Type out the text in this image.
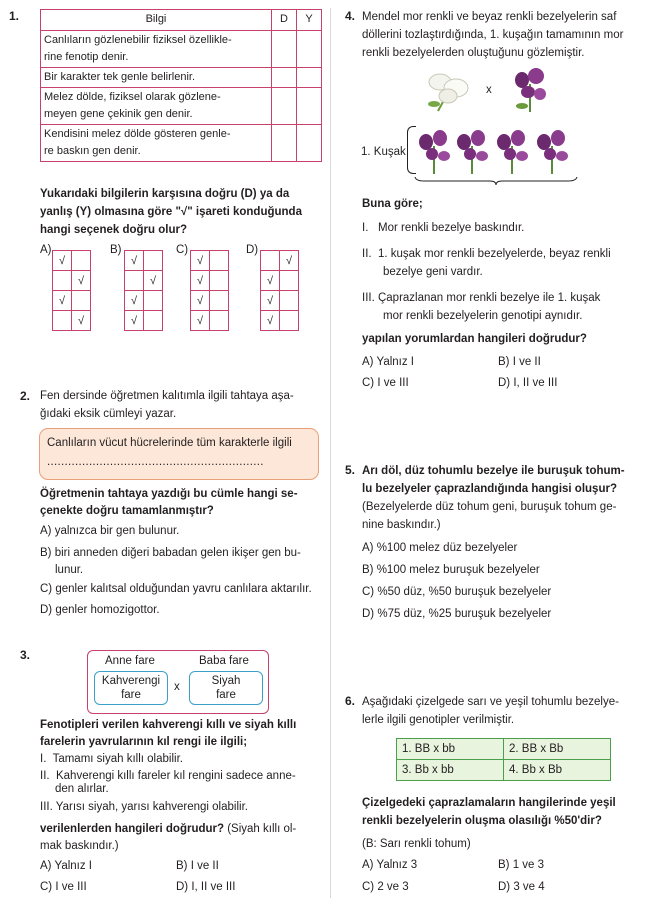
1.	Bilgi	D	Y
Canlıların gözlenebilir fiziksel özellikle-
rine fenotip denir.		
Bir karakter tek genle belirlenir.		
Melez dölde, fiziksel olarak gözlene-
meyen gene çekinik gen denir.		
Kendisini melez dölde gösteren genle-
re baskın gen denir.		
Yukarıdaki bilgilerin karşısına doğru (D) ya da
yanlış (Y) olmasına göre "√" işareti konduğunda
hangi seçenek doğru olur?
A)
√	
	√
√	
	√
B)
√	
	√
√	
√	
C)
√	
√	
√	
√	
D)
	√
√	
√	
√	
2. Fen dersinde öğretmen kalıtımla ilgili tahtaya aşa-
ğıdaki eksik cümleyi yazar.
Canlıların vücut hücrelerinde tüm karakterle ilgili
..............................................................
Öğretmenin tahtaya yazdığı bu cümle hangi se-
çenekte doğru tamamlanmıştır?
A) yalnızca bir gen bulunur.
B) biri anneden diğeri babadan gelen ikişer gen bu-
lunur.
C) genler kalıtsal olduğundan yavru canlılara aktarılır.
D) genler homozigottor.
3.	Anne fare	Baba fare
Kahverengi
fare
x	Siyah
fare
Fenotipleri verilen kahverengi kıllı ve siyah kıllı
farelerin yavrularının kıl rengi ile ilgili;
I. Tamamı siyah kıllı olabilir.
II. Kahverengi kıllı fareler kıl rengini sadece anne-
den alırlar.
III. Yarısı siyah, yarısı kahverengi olabilir.
verilenlerden hangileri doğrudur? (Siyah kıllı ol-
mak baskındır.)
A) Yalnız I	B) I ve II
C) I ve III	D) I, II ve III
4. Mendel mor renkli ve beyaz renkli bezelyelerin saf
döllerini tozlaştırdığında, 1. kuşağın tamamının mor
renkli bezelyelerden oluştuğunu gözlemiştir.
x
1. Kuşak
Buna göre;
I. Mor renkli bezelye baskındır.
II. 1. kuşak mor renkli bezelyelerde, beyaz renkli
bezelye geni vardır.
III. Çaprazlanan mor renkli bezelye ile 1. kuşak
mor renkli bezelyelerin genotipi aynıdır.
yapılan yorumlardan hangileri doğrudur?
A) Yalnız I	B) I ve II
C) I ve III	D) I, II ve III
5. Arı döl, düz tohumlu bezelye ile buruşuk tohum-
lu bezelyeler çaprazlandığında hangisi oluşur?
(Bezelyelerde düz tohum geni, buruşuk tohum ge-
nine baskındır.)
A) %100 melez düz bezelyeler
B) %100 melez buruşuk bezelyeler
C) %50 düz, %50 buruşuk bezelyeler
D) %75 düz, %25 buruşuk bezelyeler
6. Aşağıdaki çizelgede sarı ve yeşil tohumlu bezelye-
lerle ilgili genotipler verilmiştir.
1. BB x bb	2. BB x Bb
3. Bb x bb	4. Bb x Bb
Çizelgedeki çaprazlamaların hangilerinde yeşil
renkli bezelyelerin oluşma olasılığı %50'dir?
(B: Sarı renkli tohum)
A) Yalnız 3	B) 1 ve 3
C) 2 ve 3	D) 3 ve 4
